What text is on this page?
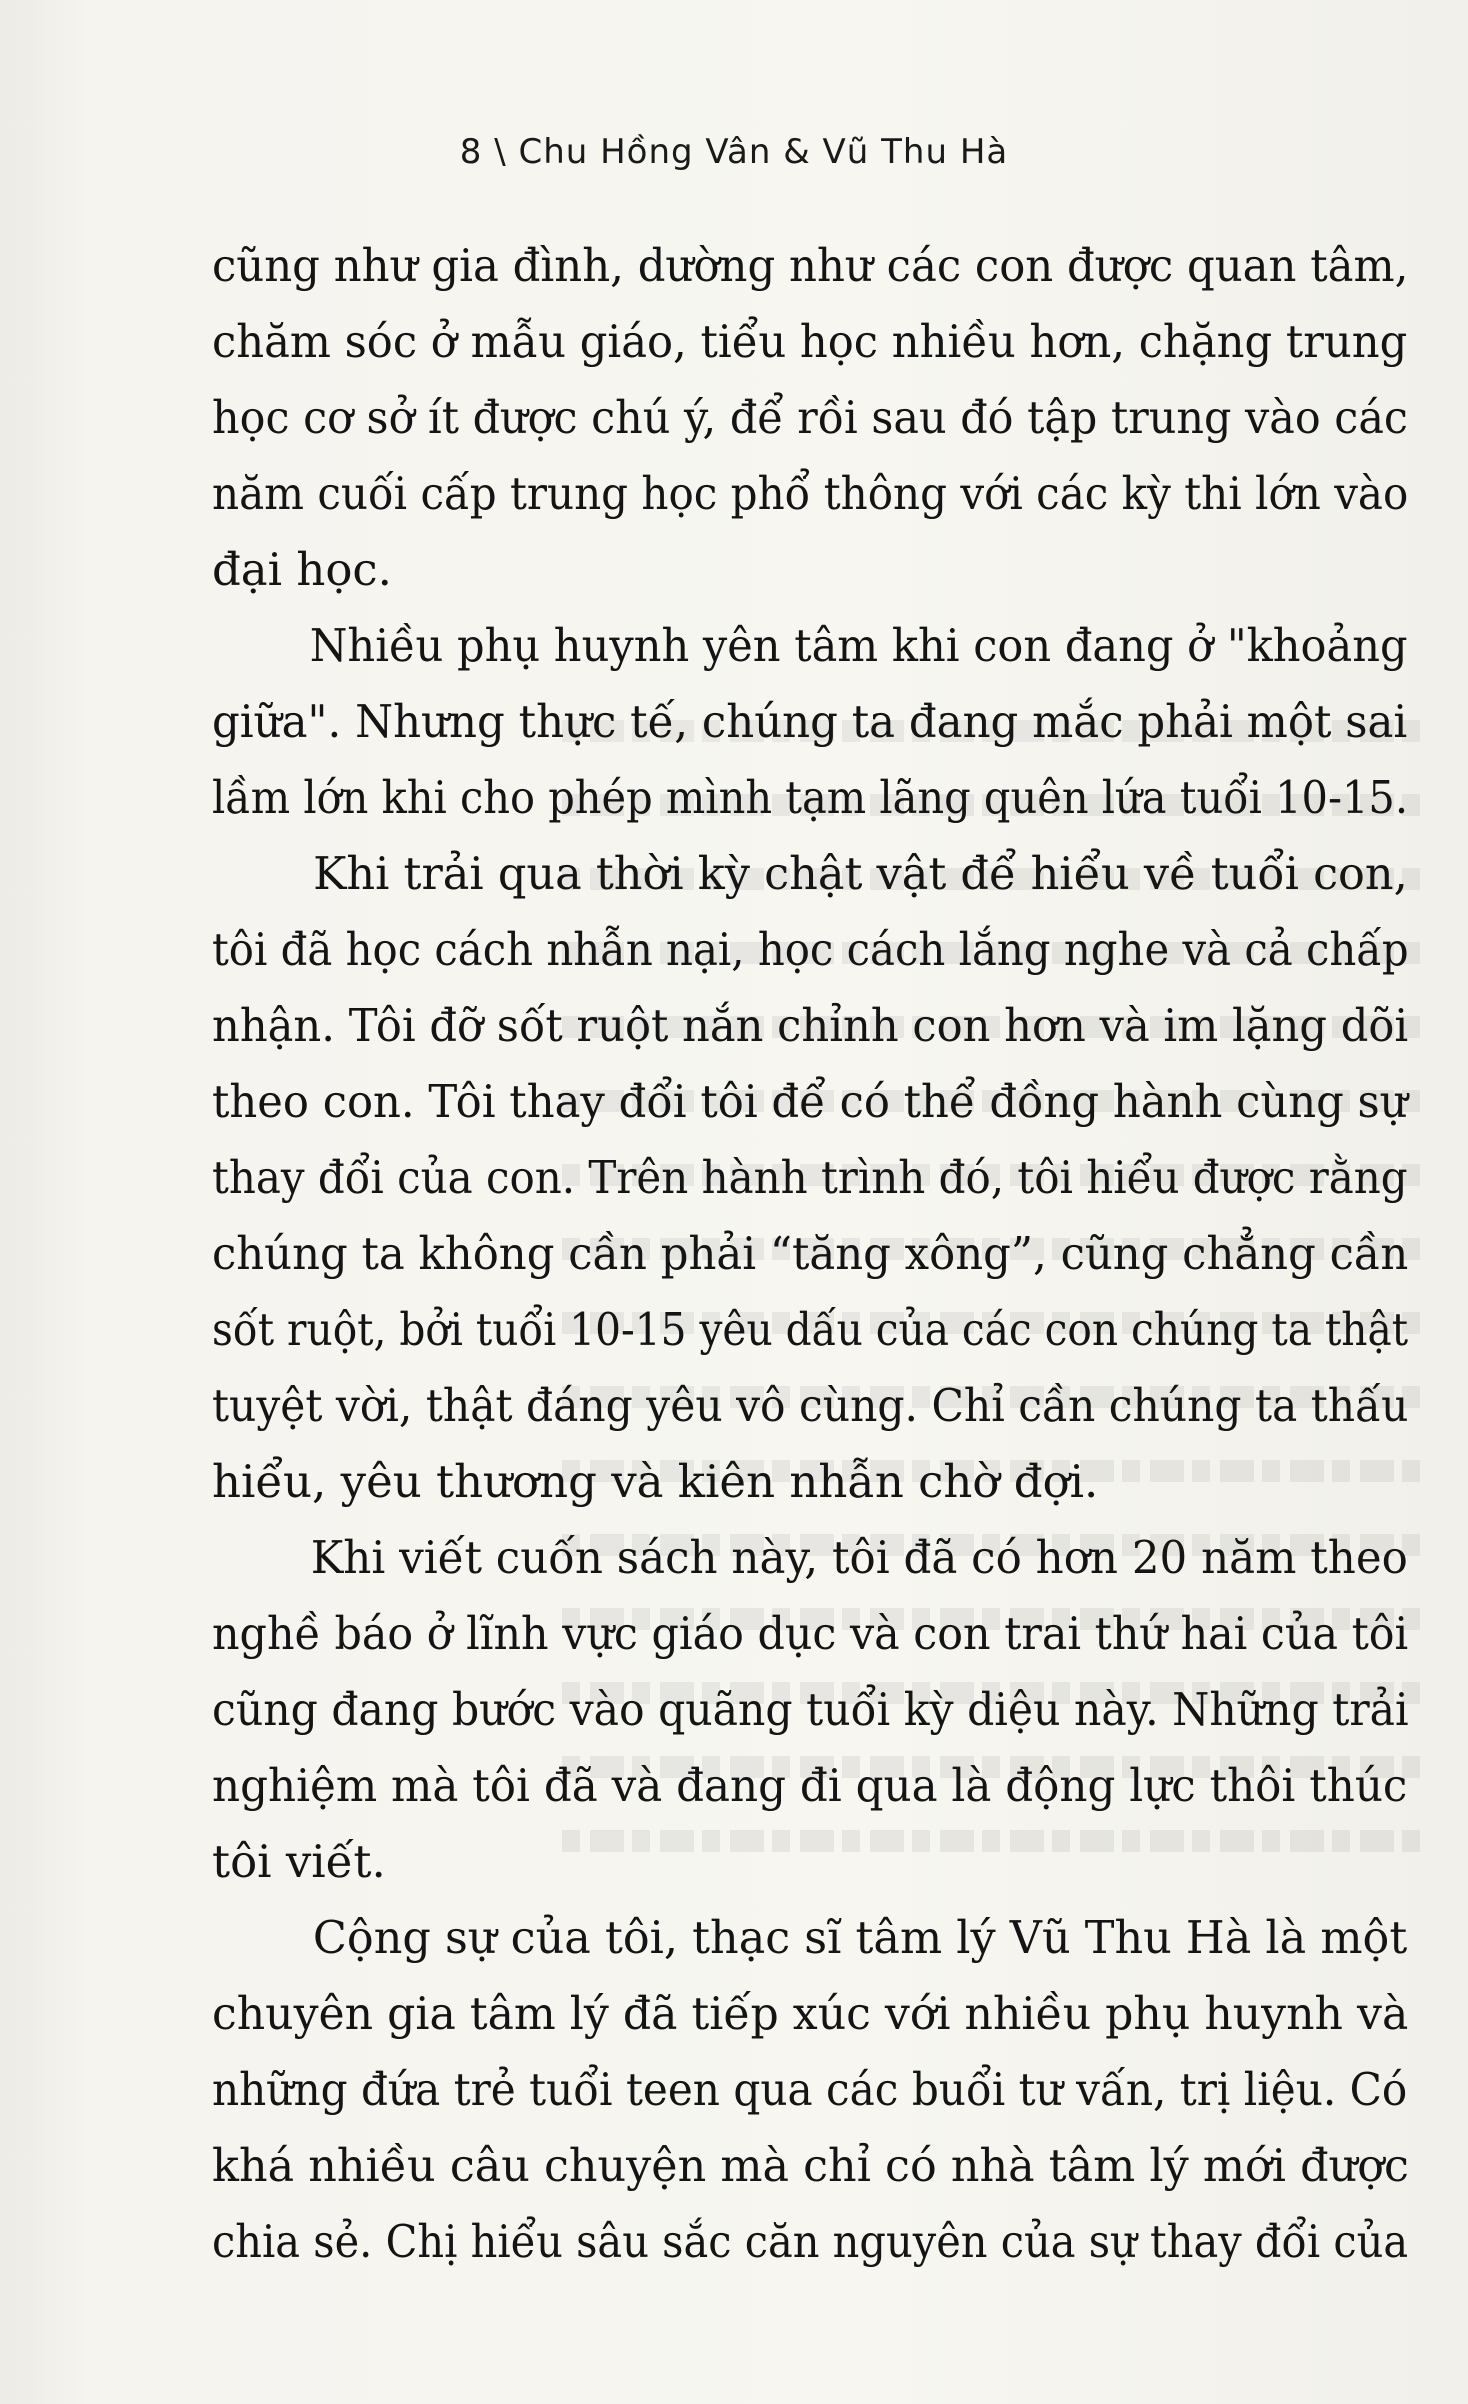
8 \ Chu Hồng Vân & Vũ Thu Hà
cũng như gia đình, dường như các con được quan tâm,
chăm sóc ở mẫu giáo, tiểu học nhiều hơn, chặng trung
học cơ sở ít được chú ý, để rồi sau đó tập trung vào các
năm cuối cấp trung học phổ thông với các kỳ thi lớn vào
đại học.
Nhiều phụ huynh yên tâm khi con đang ở "khoảng
giữa". Nhưng thực tế, chúng ta đang mắc phải một sai
lầm lớn khi cho phép mình tạm lãng quên lứa tuổi 10-15.
Khi trải qua thời kỳ chật vật để hiểu về tuổi con,
tôi đã học cách nhẫn nại, học cách lắng nghe và cả chấp
nhận. Tôi đỡ sốt ruột nắn chỉnh con hơn và im lặng dõi
theo con. Tôi thay đổi tôi để có thể đồng hành cùng sự
thay đổi của con. Trên hành trình đó, tôi hiểu được rằng
chúng ta không cần phải “tăng xông”, cũng chẳng cần
sốt ruột, bởi tuổi 10-15 yêu dấu của các con chúng ta thật
tuyệt vời, thật đáng yêu vô cùng. Chỉ cần chúng ta thấu
hiểu, yêu thương và kiên nhẫn chờ đợi.
Khi viết cuốn sách này, tôi đã có hơn 20 năm theo
nghề báo ở lĩnh vực giáo dục và con trai thứ hai của tôi
cũng đang bước vào quãng tuổi kỳ diệu này. Những trải
nghiệm mà tôi đã và đang đi qua là động lực thôi thúc
tôi viết.
Cộng sự của tôi, thạc sĩ tâm lý Vũ Thu Hà là một
chuyên gia tâm lý đã tiếp xúc với nhiều phụ huynh và
những đứa trẻ tuổi teen qua các buổi tư vấn, trị liệu. Có
khá nhiều câu chuyện mà chỉ có nhà tâm lý mới được
chia sẻ. Chị hiểu sâu sắc căn nguyên của sự thay đổi của
